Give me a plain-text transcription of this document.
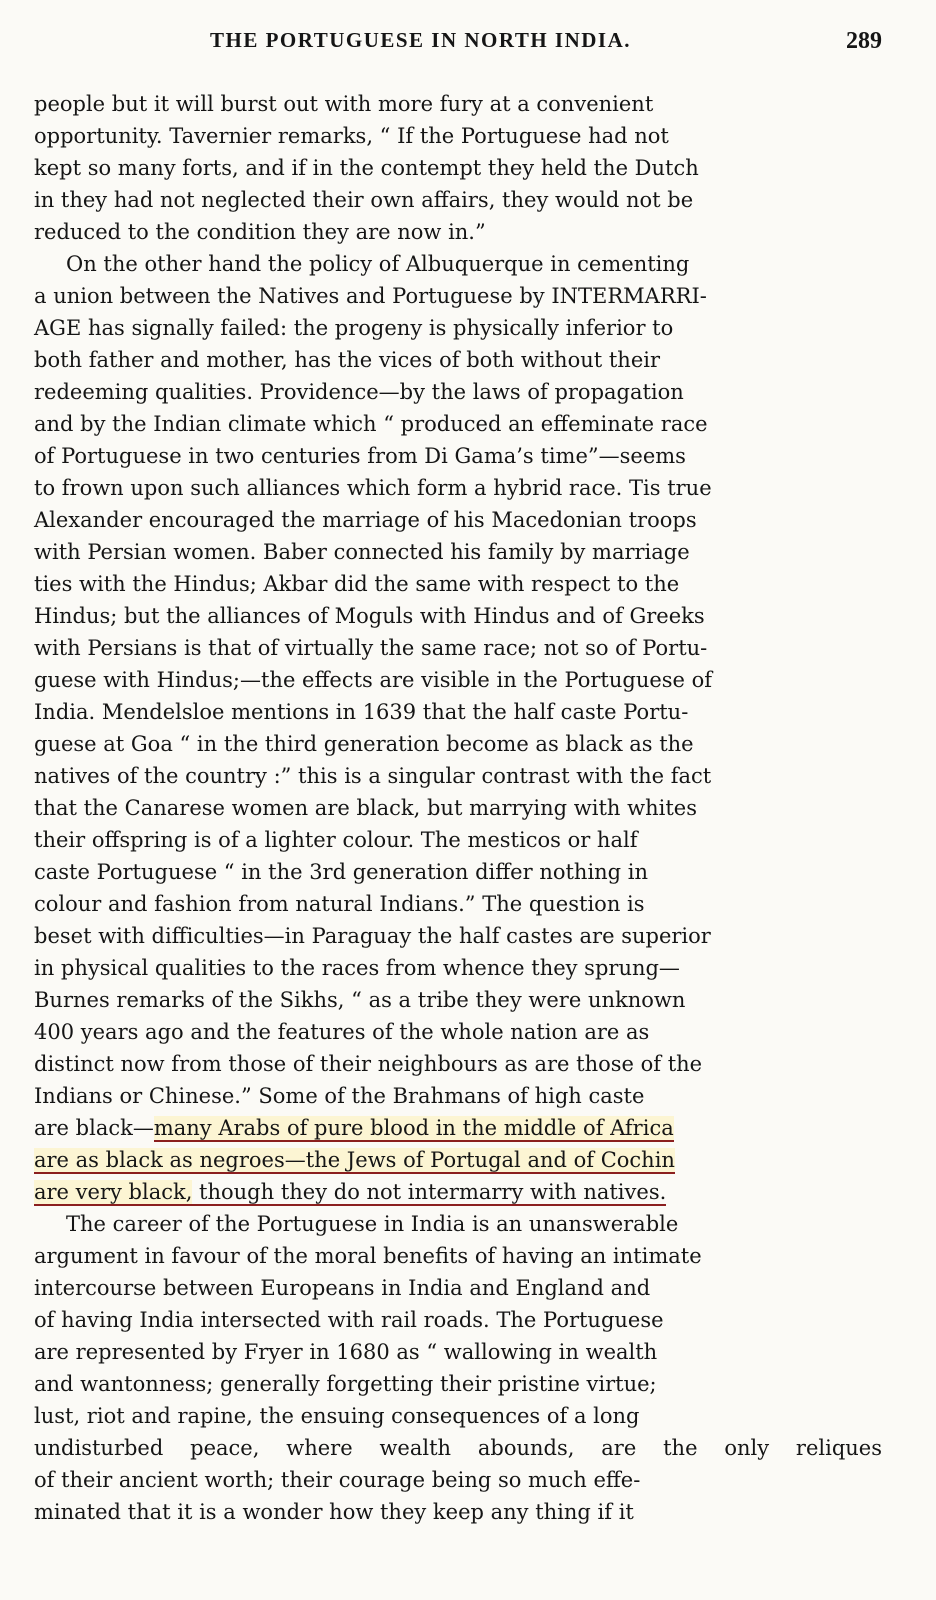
THE PORTUGUESE IN NORTH INDIA.	289
people but it will burst out with more fury at a convenient
opportunity. Tavernier remarks, “ If the Portuguese had not
kept so many forts, and if in the contempt they held the Dutch
in they had not neglected their own affairs, they would not be
reduced to the condition they are now in.”
On the other hand the policy of Albuquerque in cementing
a union between the Natives and Portuguese by INTERMARRI-
AGE has signally failed: the progeny is physically inferior to
both father and mother, has the vices of both without their
redeeming qualities. Providence—by the laws of propagation
and by the Indian climate which “ produced an effeminate race
of Portuguese in two centuries from Di Gama’s time”—seems
to frown upon such alliances which form a hybrid race. Tis true
Alexander encouraged the marriage of his Macedonian troops
with Persian women. Baber connected his family by marriage
ties with the Hindus; Akbar did the same with respect to the
Hindus; but the alliances of Moguls with Hindus and of Greeks
with Persians is that of virtually the same race; not so of Portu-
guese with Hindus;—the effects are visible in the Portuguese of
India. Mendelsloe mentions in 1639 that the half caste Portu-
guese at Goa “ in the third generation become as black as the
natives of the country :” this is a singular contrast with the fact
that the Canarese women are black, but marrying with whites
their offspring is of a lighter colour. The mesticos or half
caste Portuguese “ in the 3rd generation differ nothing in
colour and fashion from natural Indians.” The question is
beset with difficulties—in Paraguay the half castes are superior
in physical qualities to the races from whence they sprung—
Burnes remarks of the Sikhs, “ as a tribe they were unknown
400 years ago and the features of the whole nation are as
distinct now from those of their neighbours as are those of the
Indians or Chinese.” Some of the Brahmans of high caste
are black—many Arabs of pure blood in the middle of Africa
are as black as negroes—the Jews of Portugal and of Cochin
are very black, though they do not intermarry with natives.
The career of the Portuguese in India is an unanswerable
argument in favour of the moral benefits of having an intimate
intercourse between Europeans in India and England and
of having India intersected with rail roads. The Portuguese
are represented by Fryer in 1680 as “ wallowing in wealth
and wantonness; generally forgetting their pristine virtue;
lust, riot and rapine, the ensuing consequences of a long
undisturbed peace, where wealth abounds, are the only reliques
of their ancient worth; their courage being so much effe-
minated that it is a wonder how they keep any thing if it
